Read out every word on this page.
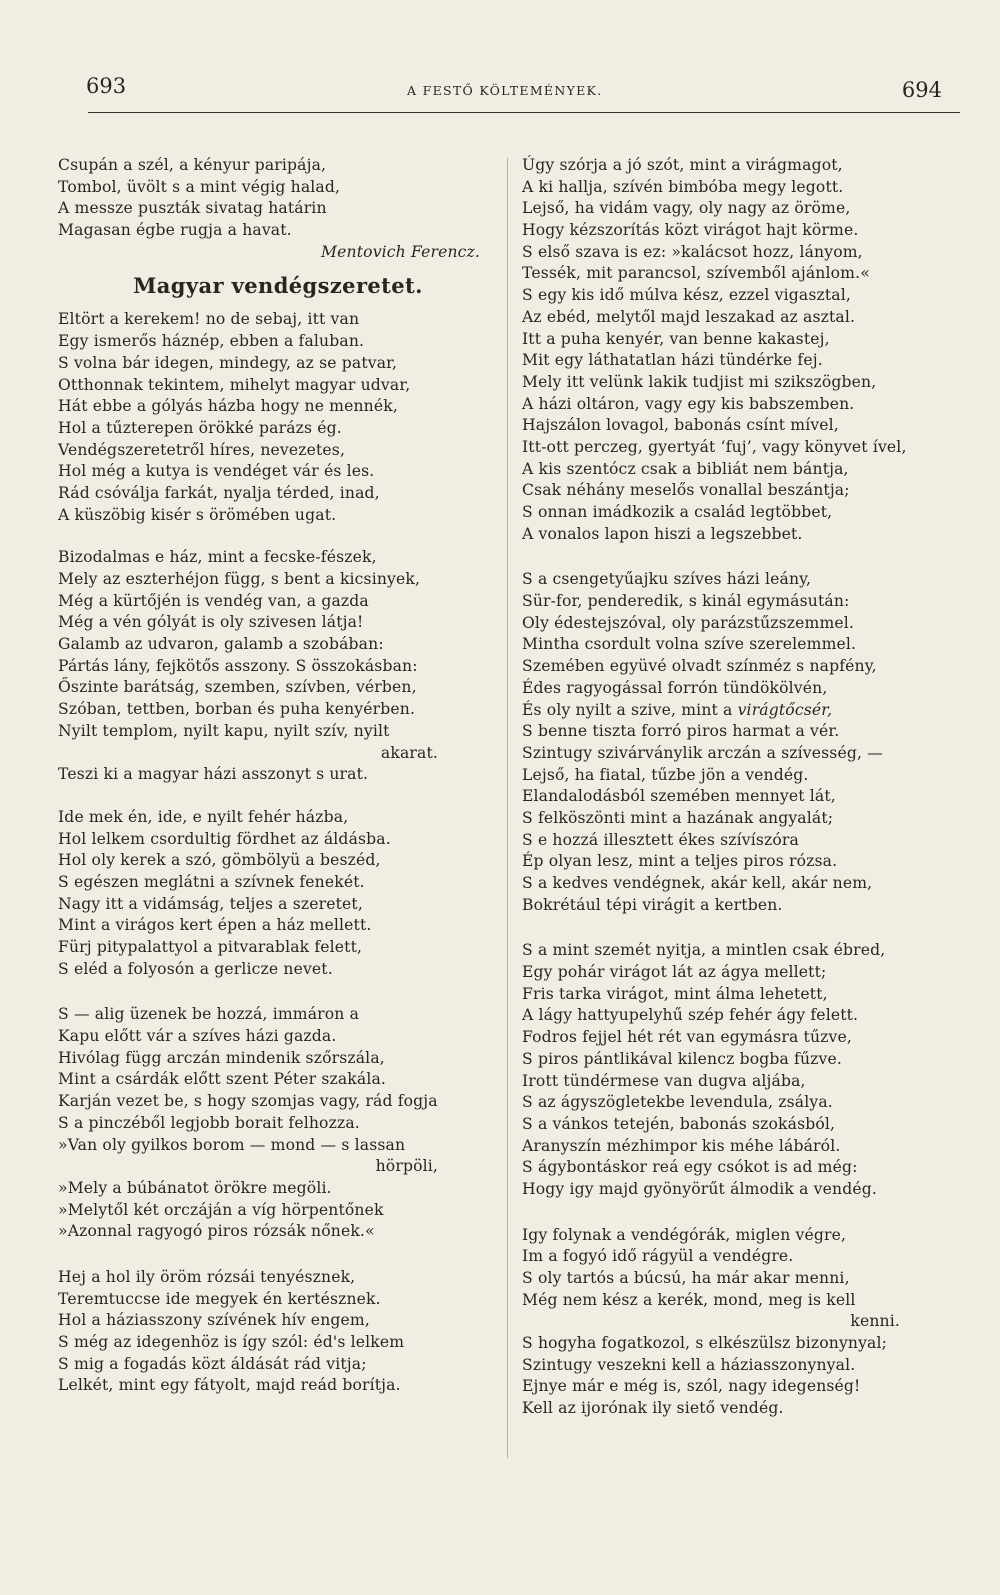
693	A FESTŐ KÖLTEMÉNYEK.	694
Csupán a szél, a kényur paripája,
Tombol, üvölt s a mint végig halad,
A messze puszták sivatag határin
Magasan égbe rugja a havat.
Mentovich Ferencz.
Magyar vendégszeretet.
Eltört a kerekem! no de sebaj, itt van
Egy ismerős háznép, ebben a faluban.
S volna bár idegen, mindegy, az se patvar,
Otthonnak tekintem, mihelyt magyar udvar,
Hát ebbe a gólyás házba hogy ne mennék,
Hol a tűzterepen örökké parázs ég.
Vendégszeretetről híres, nevezetes,
Hol még a kutya is vendéget vár és les.
Rád csóválja farkát, nyalja térded, inad,
A küszöbig kisér s örömében ugat.
Bizodalmas e ház, mint a fecske-fészek,
Mely az eszterhéjon függ, s bent a kicsinyek,
Még a kürtőjén is vendég van, a gazda
Még a vén gólyát is oly szivesen látja!
Galamb az udvaron, galamb a szobában:
Pártás lány, fejkötős asszony. S összokásban:
Őszinte barátság, szemben, szívben, vérben,
Szóban, tettben, borban és puha kenyérben.
Nyilt templom, nyilt kapu, nyilt szív, nyilt
akarat.
Teszi ki a magyar házi asszonyt s urat.
Ide mek én, ide, e nyilt fehér házba,
Hol lelkem csordultig fördhet az áldásba.
Hol oly kerek a szó, gömbölyü a beszéd,
S egészen meglátni a szívnek fenekét.
Nagy itt a vidámság, teljes a szeretet,
Mint a virágos kert épen a ház mellett.
Fürj pitypalattyol a pitvarablak felett,
S eléd a folyosón a gerlicze nevet.
S — alig üzenek be hozzá, immáron a
Kapu előtt vár a szíves házi gazda.
Hivólag függ arczán mindenik szőrszála,
Mint a csárdák előtt szent Péter szakála.
Karján vezet be, s hogy szomjas vagy, rád fogja
S a pinczéből legjobb borait felhozza.
»Van oly gyilkos borom — mond — s lassan
hörpöli,
»Mely a búbánatot örökre megöli.
»Melytől két orczáján a víg hörpentőnek
»Azonnal ragyogó piros rózsák nőnek.«
Hej a hol ily öröm rózsái tenyésznek,
Teremtuccse ide megyek én kertésznek.
Hol a háziasszony szívének hív engem,
S még az idegenhöz is így szól: éd's lelkem
S mig a fogadás közt áldását rád vitja;
Lelkét, mint egy fátyolt, majd reád borítja.
Úgy szórja a jó szót, mint a virágmagot,
A ki hallja, szívén bimbóba megy legott.
Lejső, ha vidám vagy, oly nagy az öröme,
Hogy kézszorítás közt virágot hajt körme.
S első szava is ez: »kalácsot hozz, lányom,
Tessék, mit parancsol, szívemből ajánlom.«
S egy kis idő múlva kész, ezzel vigasztal,
Az ebéd, melytől majd leszakad az asztal.
Itt a puha kenyér, van benne kakastej,
Mit egy láthatatlan házi tündérke fej.
Mely itt velünk lakik tudjist mi szikszögben,
A házi oltáron, vagy egy kis babszemben.
Hajszálon lovagol, babonás csínt mível,
Itt-ott perczeg, gyertyát ‘fuj’, vagy könyvet ível,
A kis szentócz csak a bibliát nem bántja,
Csak néhány meselős vonallal beszántja;
S onnan imádkozik a család legtöbbet,
A vonalos lapon hiszi a legszebbet.
S a csengetyűajku szíves házi leány,
Sür-for, penderedik, s kinál egymásután:
Oly édestejszóval, oly parázstűzszemmel.
Mintha csordult volna szíve szerelemmel.
Szemében együvé olvadt színméz s napfény,
Édes ragyogással forrón tündökölvén,
És oly nyilt a szive, mint a virágtőcsér,
S benne tiszta forró piros harmat a vér.
Szintugy szivárványlik arczán a szívesség, —
Lejső, ha fiatal, tűzbe jön a vendég.
Elandalodásból szemében mennyet lát,
S felköszönti mint a hazának angyalát;
S e hozzá illesztett ékes szívíszóra
Ép olyan lesz, mint a teljes piros rózsa.
S a kedves vendégnek, akár kell, akár nem,
Bokrétául tépi virágit a kertben.
S a mint szemét nyitja, a mintlen csak ébred,
Egy pohár virágot lát az ágya mellett;
Fris tarka virágot, mint álma lehetett,
A lágy hattyupelyhű szép fehér ágy felett.
Fodros fejjel hét rét van egymásra tűzve,
S piros pántlikával kilencz bogba fűzve.
Irott tündérmese van dugva aljába,
S az ágyszögletekbe levendula, zsálya.
S a vánkos tetején, babonás szokásból,
Aranyszín mézhimpor kis méhe lábáról.
S ágybontáskor reá egy csókot is ad még:
Hogy igy majd gyönyörűt álmodik a vendég.
Igy folynak a vendégórák, miglen végre,
Im a fogyó idő rágyül a vendégre.
S oly tartós a búcsú, ha már akar menni,
Még nem kész a kerék, mond, meg is kell
kenni.
S hogyha fogatkozol, s elkészülsz bizonynyal;
Szintugy veszekni kell a háziasszonynyal.
Ejnye már e még is, szól, nagy idegenség!
Kell az ijorónak ily siető vendég.
